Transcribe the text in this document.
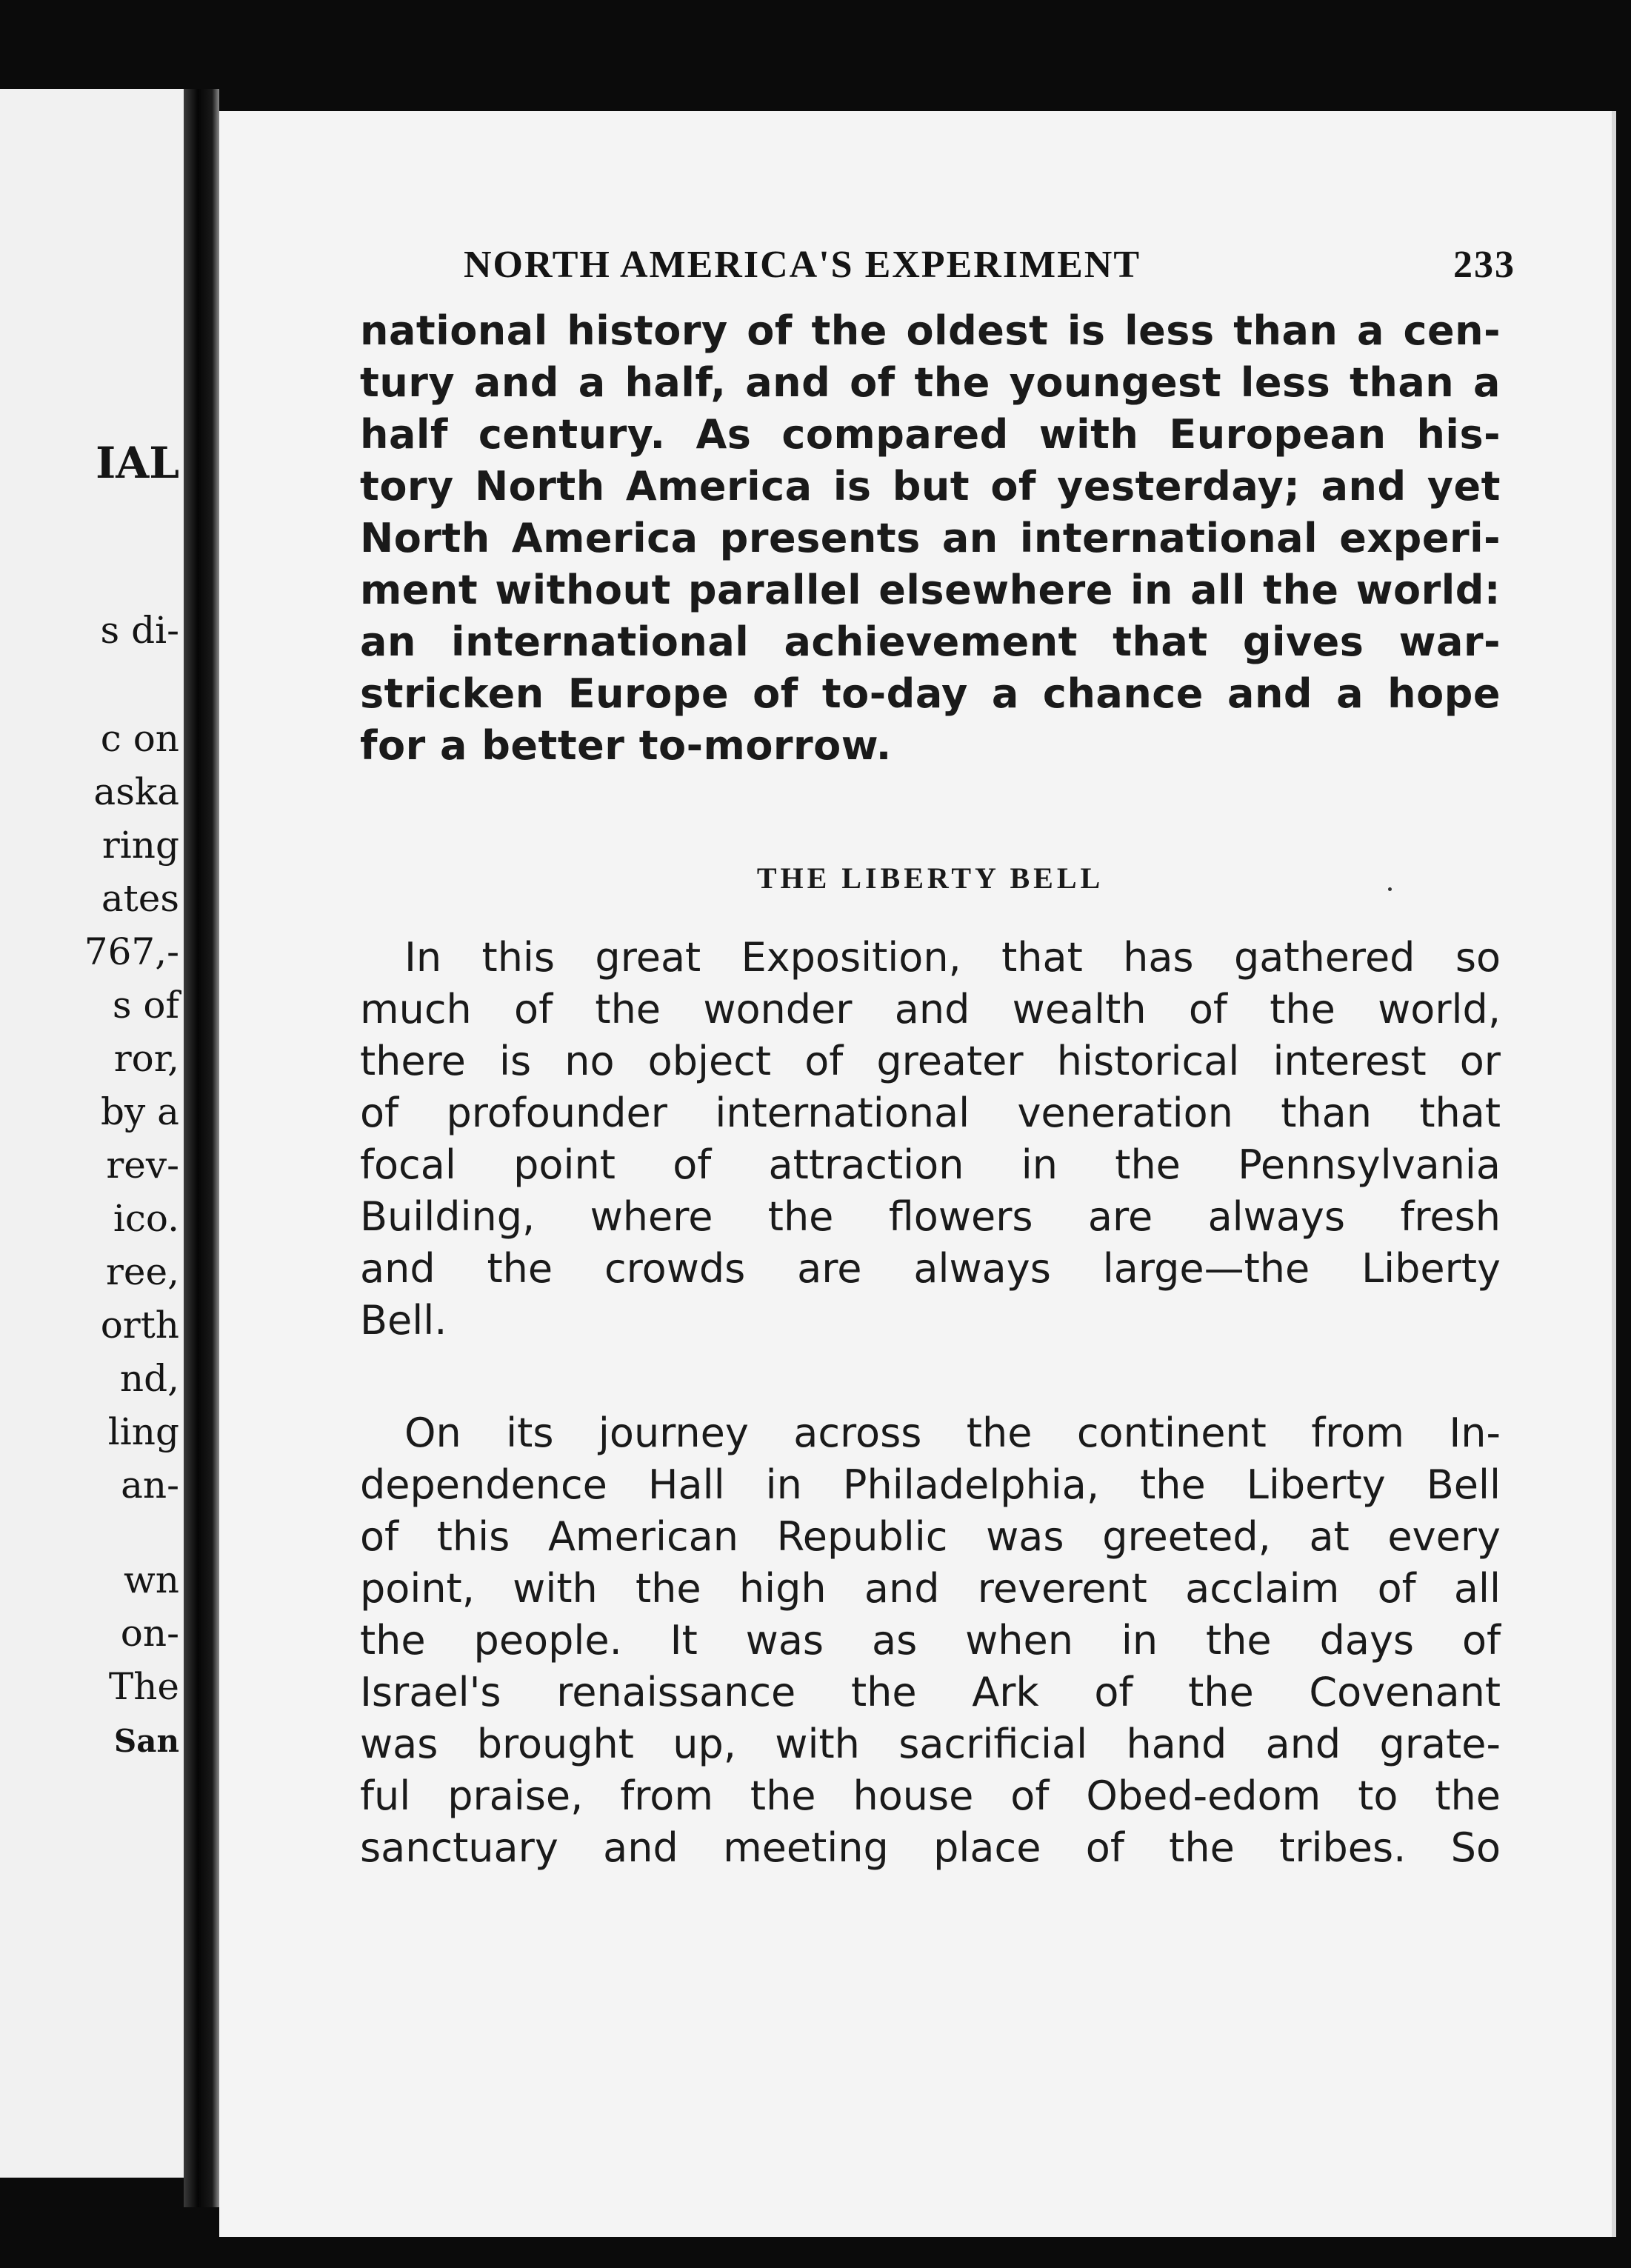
IAL
s di-
c on
aska
ring
ates
767,-
s of
ror,
by a
rev-
ico.
ree,
orth
nd,
ling
an-
wn
on-
The
San
NORTH AMERICA'S EXPERIMENT	233
national history of the oldest is less than a cen-
tury and a half, and of the youngest less than a
half century. As compared with European his-
tory North America is but of yesterday; and yet
North America presents an international experi-
ment without parallel elsewhere in all the world:
an international achievement that gives war-
stricken Europe of to-day a chance and a hope
for a better to-morrow.
THE LIBERTY BELL
In this great Exposition, that has gathered so
much of the wonder and wealth of the world,
there is no object of greater historical interest or
of profounder international veneration than that
focal point of attraction in the Pennsylvania
Building, where the flowers are always fresh
and the crowds are always large—the Liberty
Bell.
On its journey across the continent from In-
dependence Hall in Philadelphia, the Liberty Bell
of this American Republic was greeted, at every
point, with the high and reverent acclaim of all
the people. It was as when in the days of
Israel's renaissance the Ark of the Covenant
was brought up, with sacrificial hand and grate-
ful praise, from the house of Obed-edom to the
sanctuary and meeting place of the tribes. So
